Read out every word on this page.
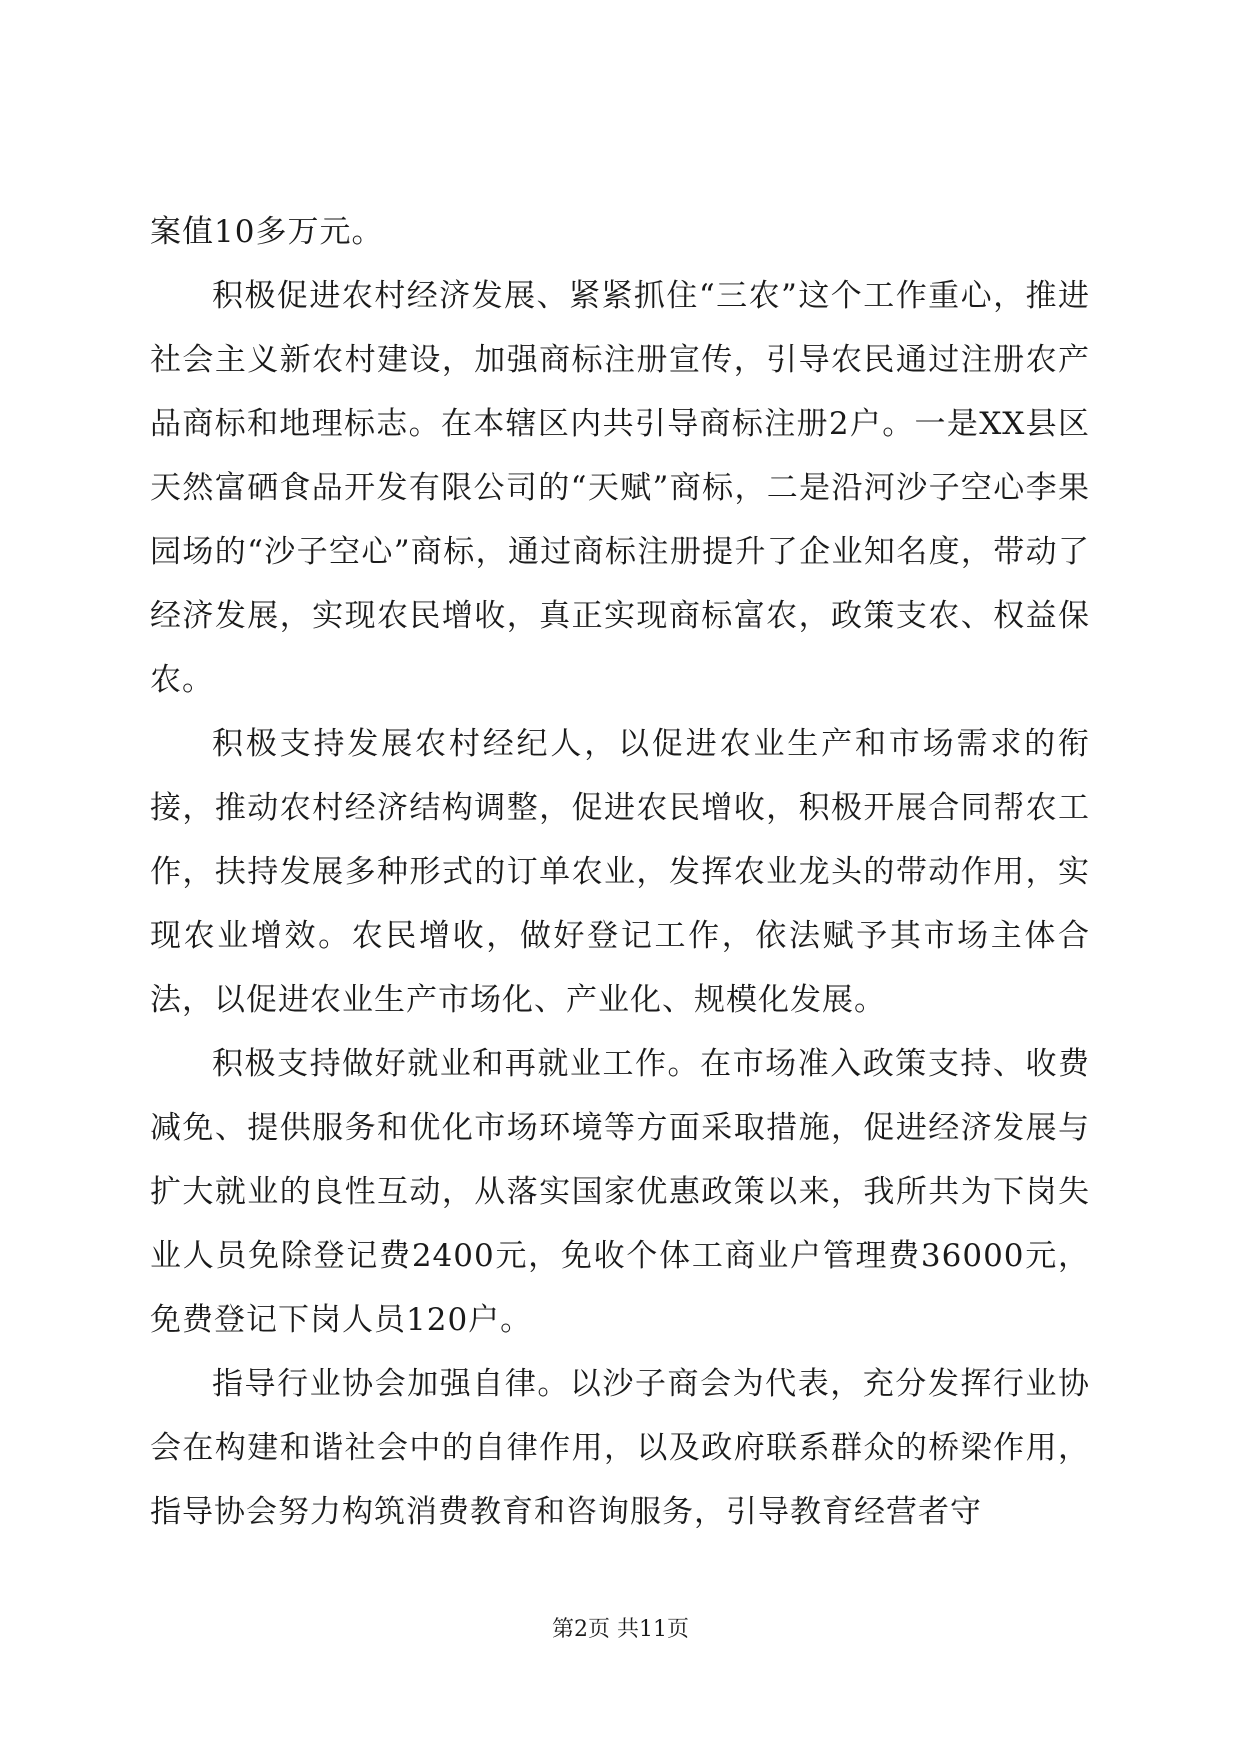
案值10多万元。

积极促进农村经济发展、紧紧抓住“三农”这个工作重心，推进社会主义新农村建设，加强商标注册宣传，引导农民通过注册农产品商标和地理标志。在本辖区内共引导商标注册2户。一是XX县区天然富硒食品开发有限公司的“天赋”商标，二是沿河沙子空心李果园场的“沙子空心”商标，通过商标注册提升了企业知名度，带动了经济发展，实现农民增收，真正实现商标富农，政策支农、权益保农。

积极支持发展农村经纪人，以促进农业生产和市场需求的衔接，推动农村经济结构调整，促进农民增收，积极开展合同帮农工作，扶持发展多种形式的订单农业，发挥农业龙头的带动作用，实现农业增效。农民增收，做好登记工作，依法赋予其市场主体合法，以促进农业生产市场化、产业化、规模化发展。

积极支持做好就业和再就业工作。在市场准入政策支持、收费减免、提供服务和优化市场环境等方面采取措施，促进经济发展与扩大就业的良性互动，从落实国家优惠政策以来，我所共为下岗失业人员免除登记费2400元，免收个体工商业户管理费36000元，免费登记下岗人员120户。

指导行业协会加强自律。以沙子商会为代表，充分发挥行业协会在构建和谐社会中的自律作用，以及政府联系群众的桥梁作用，指导协会努力构筑消费教育和咨询服务，引导教育经营者守

第2页 共11页
